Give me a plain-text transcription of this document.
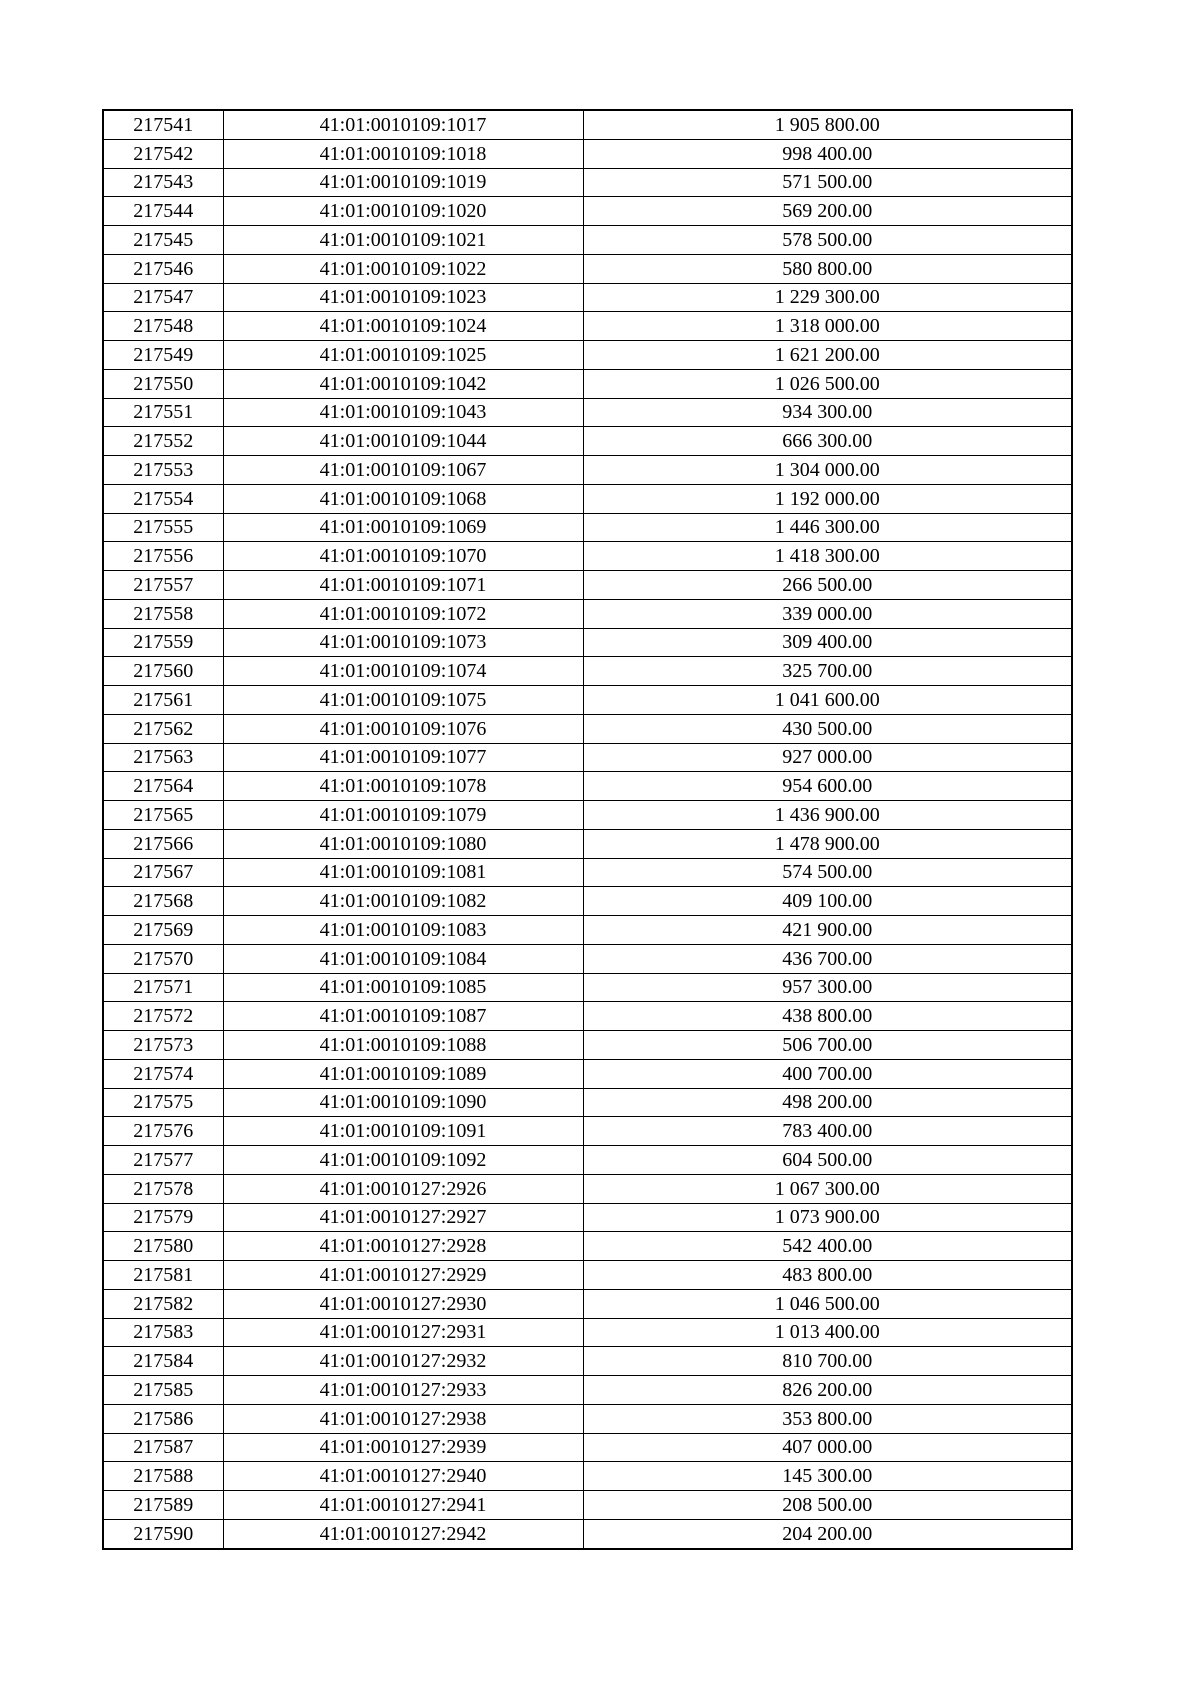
217541	41:01:0010109:1017	1 905 800.00
217542	41:01:0010109:1018	998 400.00
217543	41:01:0010109:1019	571 500.00
217544	41:01:0010109:1020	569 200.00
217545	41:01:0010109:1021	578 500.00
217546	41:01:0010109:1022	580 800.00
217547	41:01:0010109:1023	1 229 300.00
217548	41:01:0010109:1024	1 318 000.00
217549	41:01:0010109:1025	1 621 200.00
217550	41:01:0010109:1042	1 026 500.00
217551	41:01:0010109:1043	934 300.00
217552	41:01:0010109:1044	666 300.00
217553	41:01:0010109:1067	1 304 000.00
217554	41:01:0010109:1068	1 192 000.00
217555	41:01:0010109:1069	1 446 300.00
217556	41:01:0010109:1070	1 418 300.00
217557	41:01:0010109:1071	266 500.00
217558	41:01:0010109:1072	339 000.00
217559	41:01:0010109:1073	309 400.00
217560	41:01:0010109:1074	325 700.00
217561	41:01:0010109:1075	1 041 600.00
217562	41:01:0010109:1076	430 500.00
217563	41:01:0010109:1077	927 000.00
217564	41:01:0010109:1078	954 600.00
217565	41:01:0010109:1079	1 436 900.00
217566	41:01:0010109:1080	1 478 900.00
217567	41:01:0010109:1081	574 500.00
217568	41:01:0010109:1082	409 100.00
217569	41:01:0010109:1083	421 900.00
217570	41:01:0010109:1084	436 700.00
217571	41:01:0010109:1085	957 300.00
217572	41:01:0010109:1087	438 800.00
217573	41:01:0010109:1088	506 700.00
217574	41:01:0010109:1089	400 700.00
217575	41:01:0010109:1090	498 200.00
217576	41:01:0010109:1091	783 400.00
217577	41:01:0010109:1092	604 500.00
217578	41:01:0010127:2926	1 067 300.00
217579	41:01:0010127:2927	1 073 900.00
217580	41:01:0010127:2928	542 400.00
217581	41:01:0010127:2929	483 800.00
217582	41:01:0010127:2930	1 046 500.00
217583	41:01:0010127:2931	1 013 400.00
217584	41:01:0010127:2932	810 700.00
217585	41:01:0010127:2933	826 200.00
217586	41:01:0010127:2938	353 800.00
217587	41:01:0010127:2939	407 000.00
217588	41:01:0010127:2940	145 300.00
217589	41:01:0010127:2941	208 500.00
217590	41:01:0010127:2942	204 200.00
